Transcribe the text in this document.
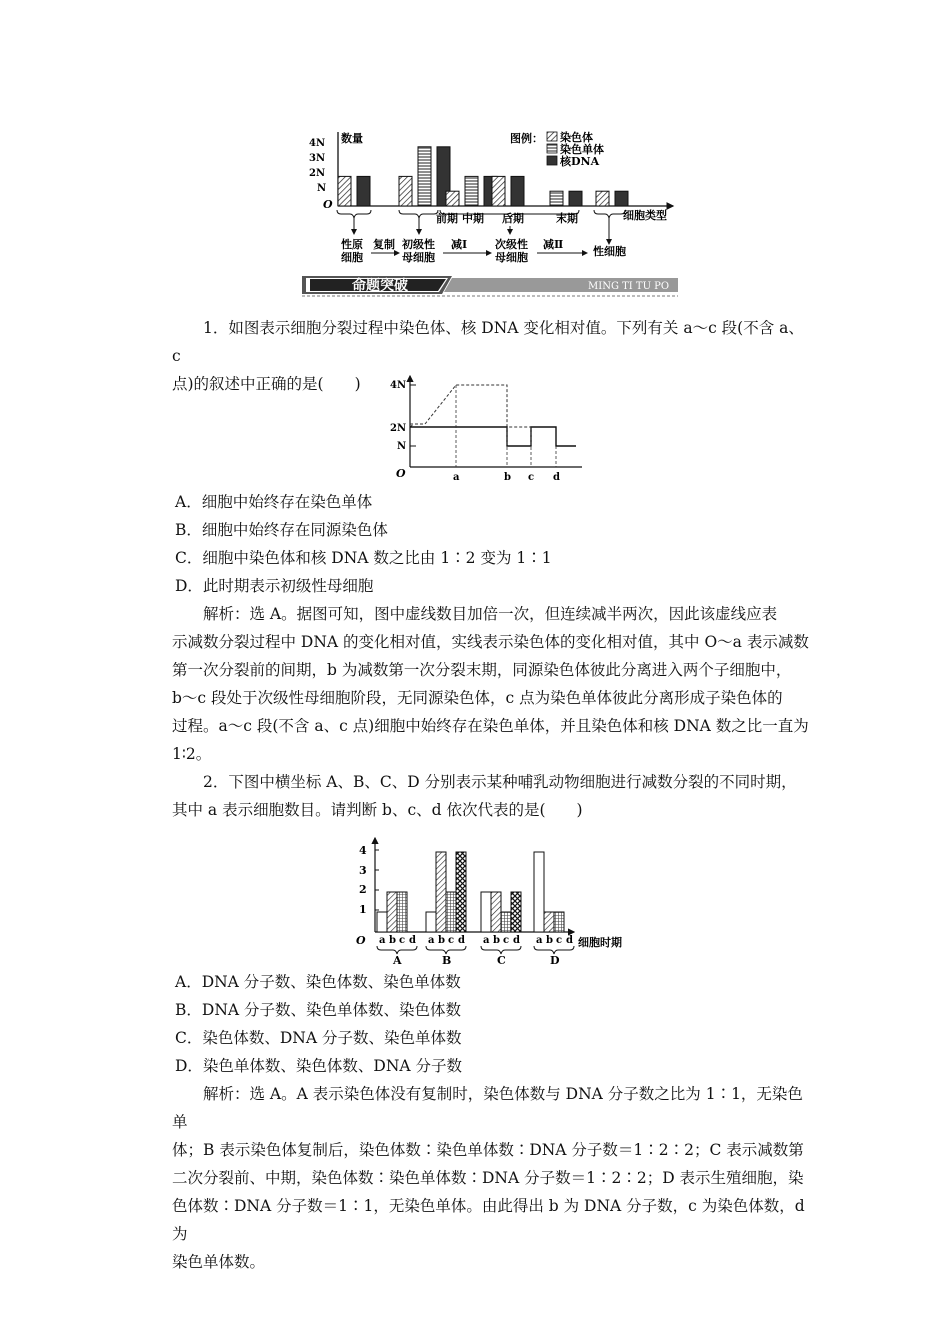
数量
4N
3N
2N
N
O
图例： 染色体
染色单体
核DNA
前期 中期 后期	末期	细胞类型
性原细胞
初级性母细胞
次级性母细胞	性细胞
复制	减Ⅰ	减Ⅱ
命题突破	MING TI TU PO

1．如图表示细胞分裂过程中染色体、核 DNA 变化相对值。下列有关 a～c 段(不含 a、c

点)的叙述中正确的是(　　)	4N
2N
N
O	a	b c d

A．细胞中始终存在染色单体

B．细胞中始终存在同源染色体

C．细胞中染色体和核 DNA 数之比由 1∶2 变为 1∶1

D．此时期表示初级性母细胞

解析：选 A。据图可知，图中虚线数目加倍一次，但连续减半两次，因此该虚线应表

示减数分裂过程中 DNA 的变化相对值，实线表示染色体的变化相对值，其中 O～a 表示减数

第一次分裂前的间期，b 为减数第一次分裂末期，同源染色体彼此分离进入两个子细胞中，

b～c 段处于次级性母细胞阶段，无同源染色体，c 点为染色单体彼此分离形成子染色体的

过程。a～c 段(不含 a、c 点)细胞中始终存在染色单体，并且染色体和核 DNA 数之比一直为

1∶2。

2．下图中横坐标 A、B、C、D 分别表示某种哺乳动物细胞进行减数分裂的不同时期，

其中 a 表示细胞数目。请判断 b、c、d 依次代表的是(　　)

4
3
2
1
O a b c d
A
a b c d
B
a b c d
C
a b c d
D
细胞时期

A．DNA 分子数、染色体数、染色单体数

B．DNA 分子数、染色单体数、染色体数

C．染色体数、DNA 分子数、染色单体数

D．染色单体数、染色体数、DNA 分子数

解析：选 A。A 表示染色体没有复制时，染色体数与 DNA 分子数之比为 1∶1，无染色单

体；B 表示染色体复制后，染色体数∶染色单体数∶DNA 分子数＝1∶2∶2；C 表示减数第

二次分裂前、中期，染色体数∶染色单体数∶DNA 分子数＝1∶2∶2；D 表示生殖细胞，染

色体数∶DNA 分子数＝1∶1，无染色单体。由此得出 b 为 DNA 分子数，c 为染色体数，d 为

染色单体数。
